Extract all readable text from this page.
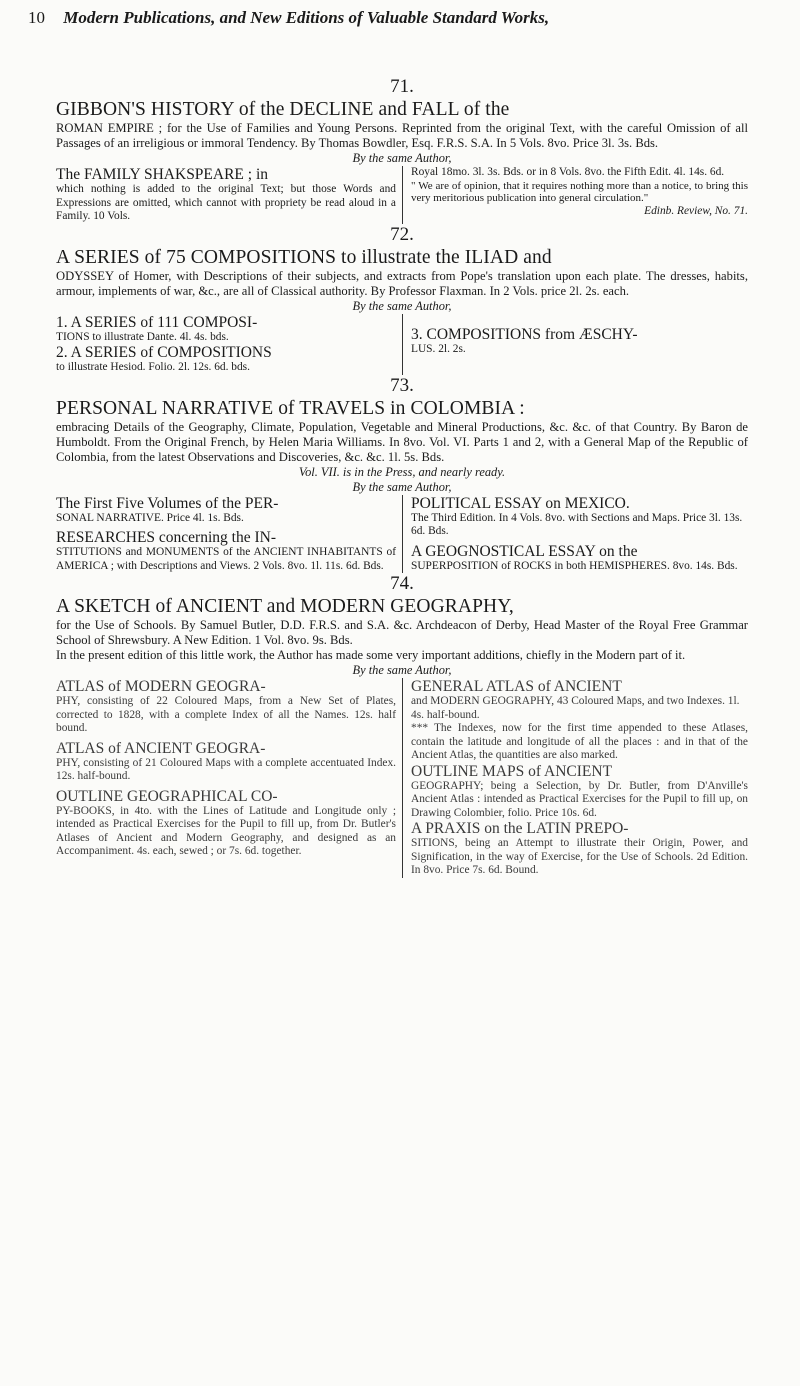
10 Modern Publications, and New Editions of Valuable Standard Works,
71.
GIBBON'S HISTORY of the DECLINE and FALL of the

ROMAN EMPIRE ; for the Use of Families and Young Persons. Reprinted from the original Text, with the careful Omission of all Passages of an irreligious or immoral Tendency. By Thomas Bowdler, Esq. F.R.S. S.A. In 5 Vols. 8vo. Price 3l. 3s. Bds.

By the same Author,
The FAMILY SHAKSPEARE ; in

which nothing is added to the original Text; but those Words and Expressions are omitted, which cannot with propriety be read aloud in a Family. 10 Vols.

Royal 18mo. 3l. 3s. Bds. or in 8 Vols. 8vo. the Fifth Edit. 4l. 14s. 6d.

" We are of opinion, that it requires nothing more than a notice, to bring this very meritorious publication into general circulation."

Edinb. Review, No. 71.

72.
A SERIES of 75 COMPOSITIONS to illustrate the ILIAD and

ODYSSEY of Homer, with Descriptions of their subjects, and extracts from Pope's translation upon each plate. The dresses, habits, armour, implements of war, &c., are all of Classical authority. By Professor Flaxman. In 2 Vols. price 2l. 2s. each.

By the same Author,
1. A SERIES of 111 COMPOSI-

TIONS to illustrate Dante. 4l. 4s. bds.

2. A SERIES of COMPOSITIONS

to illustrate Hesiod. Folio. 2l. 12s. 6d. bds.

3. COMPOSITIONS from ÆSCHY-

LUS. 2l. 2s.

73.
PERSONAL NARRATIVE of TRAVELS in COLOMBIA :

embracing Details of the Geography, Climate, Population, Vegetable and Mineral Productions, &c. &c. of that Country. By Baron de Humboldt. From the Original French, by Helen Maria Williams. In 8vo. Vol. VI. Parts 1 and 2, with a General Map of the Republic of Colombia, from the latest Observations and Discoveries, &c. &c. 1l. 5s. Bds.

Vol. VII. is in the Press, and nearly ready.
By the same Author,
The First Five Volumes of the PER-

SONAL NARRATIVE. Price 4l. 1s. Bds.

RESEARCHES concerning the IN-

STITUTIONS and MONUMENTS of the ANCIENT INHABITANTS of AMERICA ; with Descriptions and Views. 2 Vols. 8vo. 1l. 11s. 6d. Bds.

POLITICAL ESSAY on MEXICO.

The Third Edition. In 4 Vols. 8vo. with Sections and Maps. Price 3l. 13s. 6d. Bds.

A GEOGNOSTICAL ESSAY on the

SUPERPOSITION of ROCKS in both HEMISPHERES. 8vo. 14s. Bds.

74.
A SKETCH of ANCIENT and MODERN GEOGRAPHY,

for the Use of Schools. By Samuel Butler, D.D. F.R.S. and S.A. &c. Archdeacon of Derby, Head Master of the Royal Free Grammar School of Shrewsbury. A New Edition. 1 Vol. 8vo. 9s. Bds.

In the present edition of this little work, the Author has made some very important additions, chiefly in the Modern part of it.

By the same Author,
ATLAS of MODERN GEOGRA-

PHY, consisting of 22 Coloured Maps, from a New Set of Plates, corrected to 1828, with a complete Index of all the Names. 12s. half bound.

ATLAS of ANCIENT GEOGRA-

PHY, consisting of 21 Coloured Maps with a complete accentuated Index. 12s. half-bound.

OUTLINE GEOGRAPHICAL CO-

PY-BOOKS, in 4to. with the Lines of Latitude and Longitude only ; intended as Practical Exercises for the Pupil to fill up, from Dr. Butler's Atlases of Ancient and Modern Geography, and designed as an Accompaniment. 4s. each, sewed ; or 7s. 6d. together.

GENERAL ATLAS of ANCIENT

and MODERN GEOGRAPHY, 43 Coloured Maps, and two Indexes. 1l. 4s. half-bound.

*** The Indexes, now for the first time appended to these Atlases, contain the latitude and longitude of all the places : and in that of the Ancient Atlas, the quantities are also marked.

OUTLINE MAPS of ANCIENT

GEOGRAPHY; being a Selection, by Dr. Butler, from D'Anville's Ancient Atlas : intended as Practical Exercises for the Pupil to fill up, on Drawing Colombier, folio. Price 10s. 6d.

A PRAXIS on the LATIN PREPO-

SITIONS, being an Attempt to illustrate their Origin, Power, and Signification, in the way of Exercise, for the Use of Schools. 2d Edition. In 8vo. Price 7s. 6d. Bound.
